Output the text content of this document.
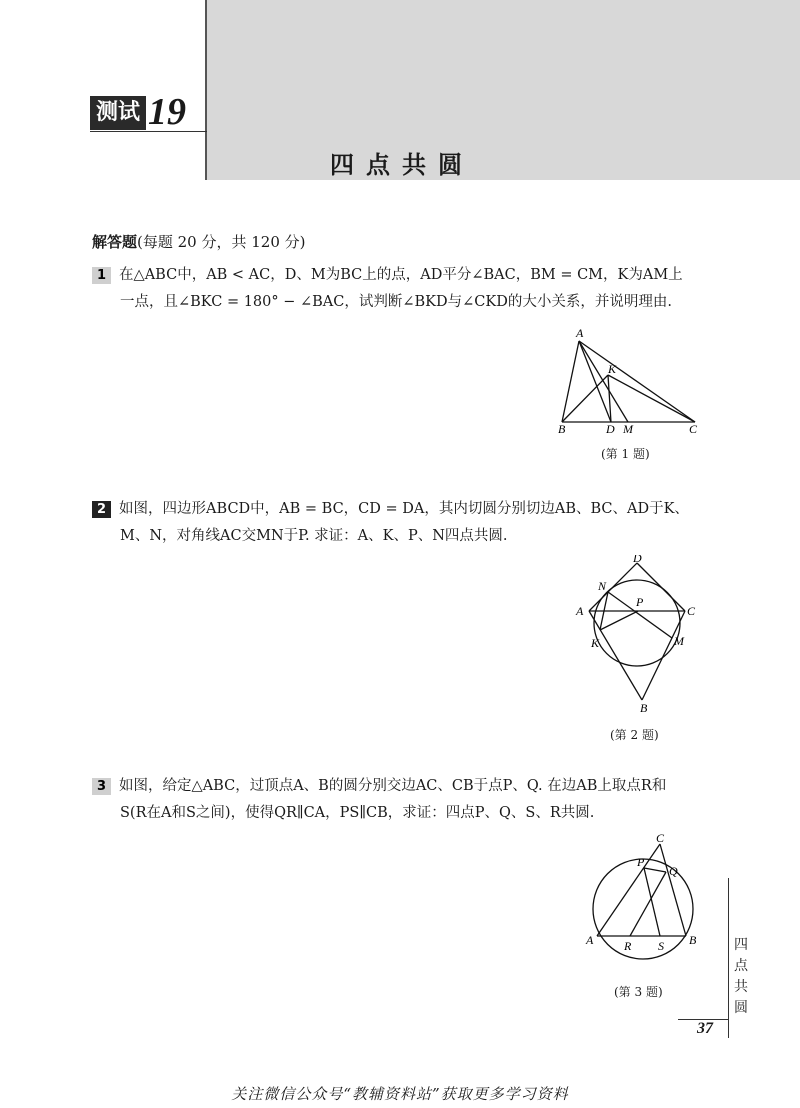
测试 19
四点共圆
解答题(每题 20 分，共 120 分)
1 在△ABC中，AB < AC，D、M为BC上的点，AD平分∠BAC，BM = CM，K为AM上
一点，且∠BKC = 180° − ∠BAC，试判断∠BKD与∠CKD的大小关系，并说明理由.
A
K
B	D M	C
(第 1 题)
2 如图，四边形ABCD中，AB = BC，CD = DA，其内切圆分别切边AB、BC、AD于K、
M、N，对角线AC交MN于P. 求证：A、K、P、N四点共圆.
D
N
P
A	C
K	M
B
(第 2 题)
3 如图，给定△ABC，过顶点A、B的圆分别交边AC、CB于点P、Q. 在边AB上取点R和
S(R在A和S之间)，使得QR∥CA，PS∥CB，求证：四点P、Q、S、R共圆.
C
P
Q
A	R S B
(第 3 题)
四
点
共
圆
37
关注微信公众号“教辅资料站”获取更多学习资料
